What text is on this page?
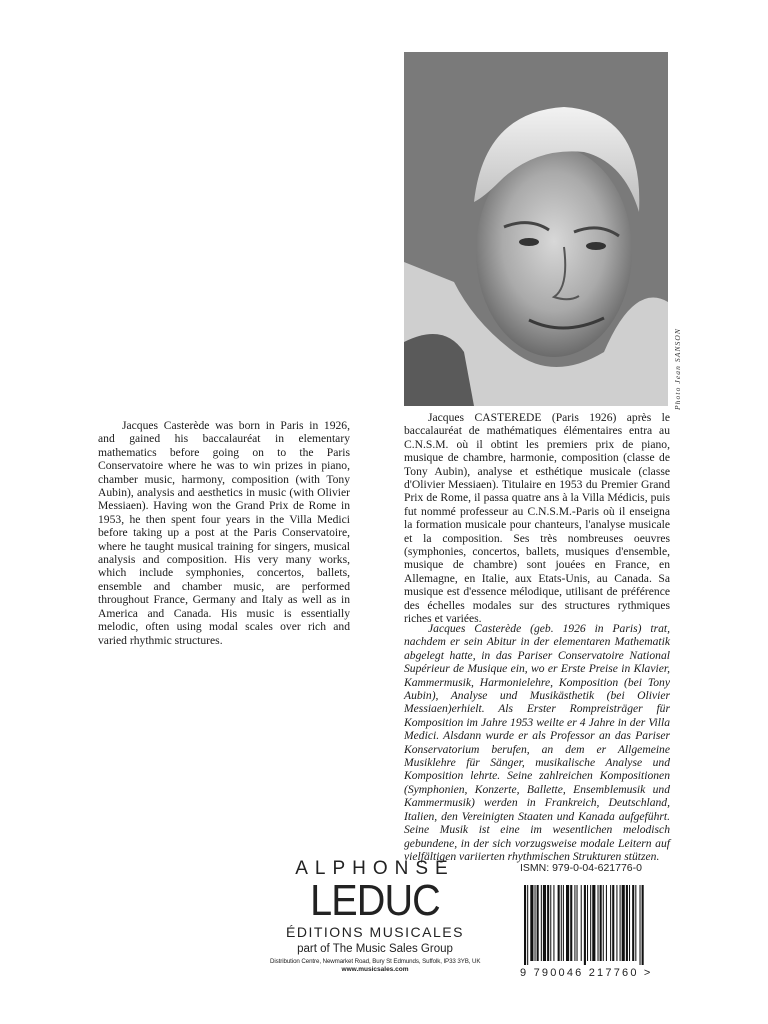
Photo Jean SANSON

Jacques Casterède was born in Paris in 1926, and gained his baccalauréat in elementary mathematics before going on to the Paris Conservatoire where he was to win prizes in piano, chamber music, harmony, composition (with Tony Aubin), analysis and aesthetics in music (with Olivier Messiaen). Having won the Grand Prix de Rome in 1953, he then spent four years in the Villa Medici before taking up a post at the Paris Conservatoire, where he taught musical training for singers, musical analysis and composition. His very many works, which include symphonies, concertos, ballets, ensemble and chamber music, are performed throughout France, Germany and Italy as well as in America and Canada. His music is essentially melodic, often using modal scales over rich and varied rhythmic structures.

Jacques CASTEREDE (Paris 1926) après le baccalauréat de mathématiques élémentaires entra au C.N.S.M. où il obtint les premiers prix de piano, musique de chambre, harmonie, composition (classe de Tony Aubin), analyse et esthétique musicale (classe d'Olivier Messiaen). Titulaire en 1953 du Premier Grand Prix de Rome, il passa quatre ans à la Villa Médicis, puis fut nommé professeur au C.N.S.M.-Paris où il enseigna la formation musicale pour chanteurs, l'analyse musicale et la composition. Ses très nombreuses oeuvres (symphonies, concertos, ballets, musiques d'ensemble, musique de chambre) sont jouées en France, en Allemagne, en Italie, aux Etats-Unis, au Canada. Sa musique est d'essence mélodique, utilisant de préférence des échelles modales sur des structures rythmiques riches et variées.

Jacques Casterède (geb. 1926 in Paris) trat, nachdem er sein Abitur in der elementaren Mathematik abgelegt hatte, in das Pariser Conservatoire National Supérieur de Musique ein, wo er Erste Preise in Klavier, Kammermusik, Harmonielehre, Komposition (bei Tony Aubin), Analyse und Musikästhetik (bei Olivier Messiaen)erhielt. Als Erster Rompreisträger für Komposition im Jahre 1953 weilte er 4 Jahre in der Villa Medici. Alsdann wurde er als Professor an das Pariser Konservatorium berufen, an dem er Allgemeine Musiklehre für Sänger, musikalische Analyse und Komposition lehrte. Seine zahlreichen Kompositionen (Symphonien, Konzerte, Ballette, Ensemblemusik und Kammermusik) werden in Frankreich, Deutschland, Italien, den Vereinigten Staaten und Kanada aufgeführt. Seine Musik ist eine im wesentlichen melodisch gebundene, in der sich vorzugsweise modale Leitern auf vielfältigen variierten rhythmischen Strukturen stützen.

ALPHONSE
LEDUC
ÉDITIONS MUSICALES
part of The Music Sales Group
Distribution Centre, Newmarket Road, Bury St Edmunds, Suffolk, IP33 3YB, UK
www.musicsales.com
ISMN: 979-0-04-621776-0
9 790046 217760 >
